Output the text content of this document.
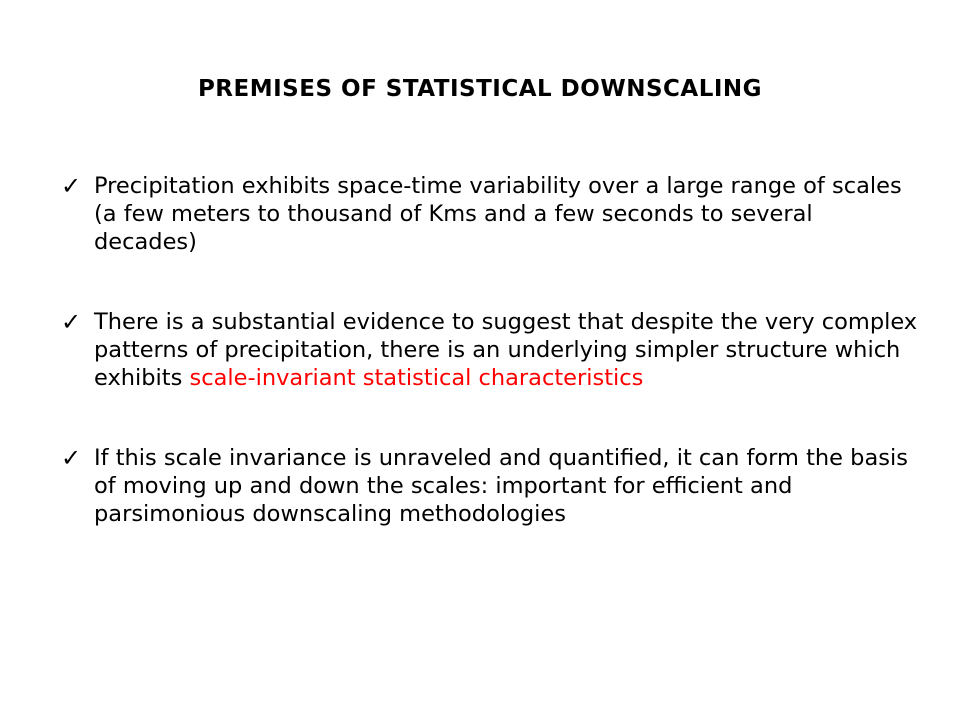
PREMISES OF STATISTICAL DOWNSCALING
✓ Precipitation exhibits space-time variability over a large range of scales (a few meters to thousand of Kms and a few seconds to several decades)
✓ There is a substantial evidence to suggest that despite the very complex patterns of precipitation, there is an underlying simpler structure which exhibits scale-invariant statistical characteristics
✓ If this scale invariance is unraveled and quantified, it can form the basis of moving up and down the scales: important for efficient and parsimonious downscaling methodologies
